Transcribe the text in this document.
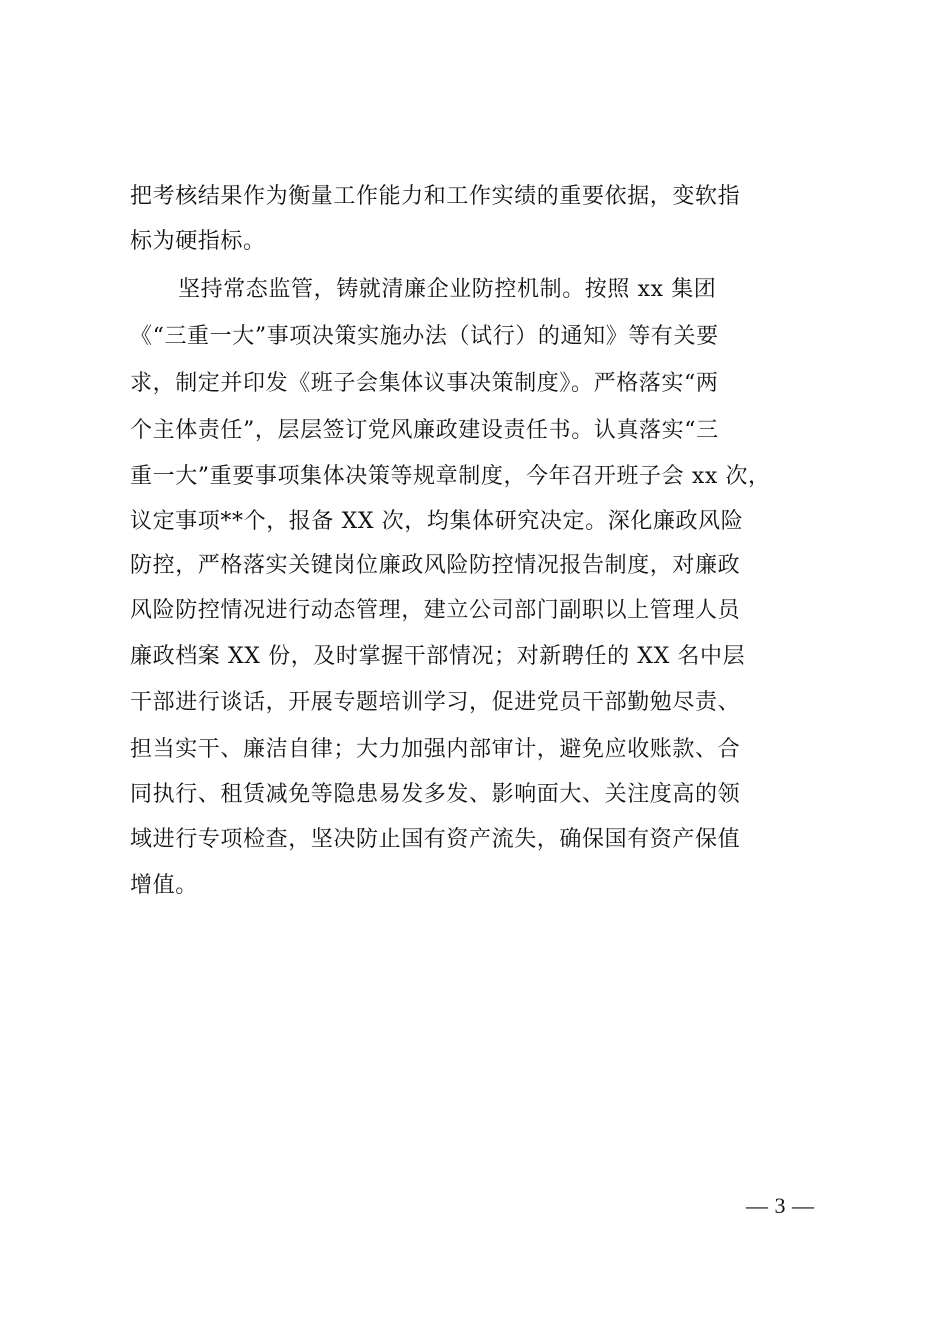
把考核结果作为衡量工作能力和工作实绩的重要依据，变软指
标为硬指标。
坚持常态监管，铸就清廉企业防控机制。按照 xx 集团
《“三重一大”事项决策实施办法（试行）的通知》等有关要
求，制定并印发《班子会集体议事决策制度》。严格落实“两
个主体责任”，层层签订党风廉政建设责任书。认真落实“三
重一大”重要事项集体决策等规章制度，今年召开班子会 xx 次，
议定事项**个，报备 XX 次，均集体研究决定。深化廉政风险
防控，严格落实关键岗位廉政风险防控情况报告制度，对廉政
风险防控情况进行动态管理，建立公司部门副职以上管理人员
廉政档案 XX 份，及时掌握干部情况；对新聘任的 XX 名中层
干部进行谈话，开展专题培训学习，促进党员干部勤勉尽责、
担当实干、廉洁自律；大力加强内部审计，避免应收账款、合
同执行、租赁减免等隐患易发多发、影响面大、关注度高的领
域进行专项检查，坚决防止国有资产流失，确保国有资产保值
增值。
— 3 —
